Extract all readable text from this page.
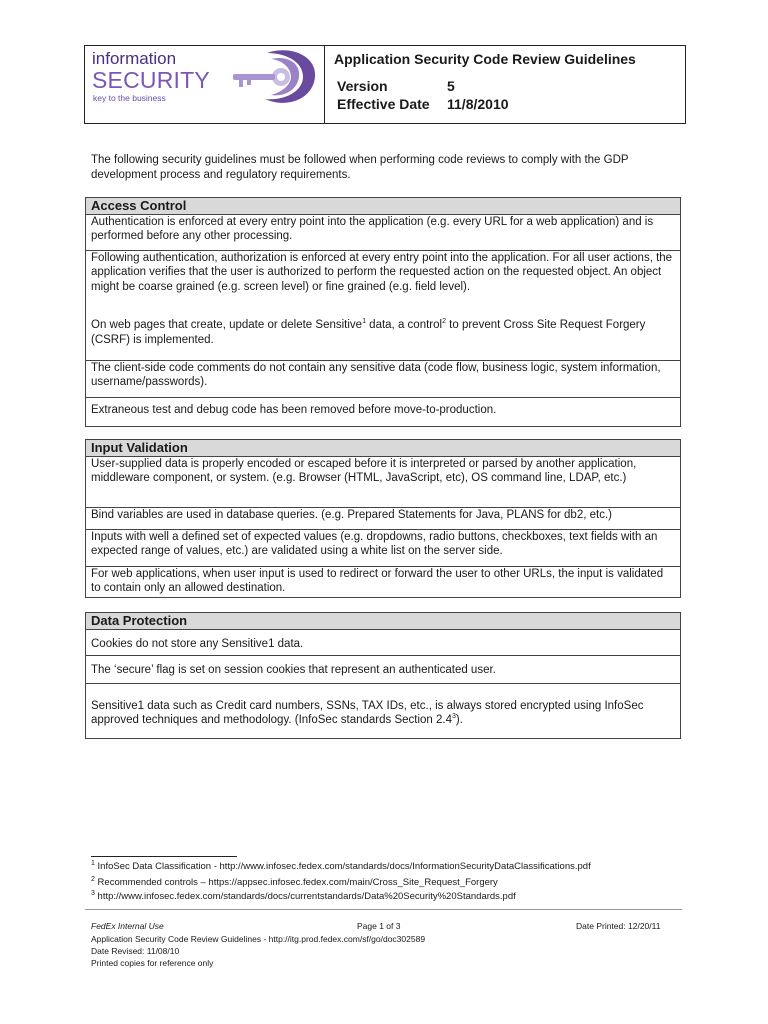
information
SECURITY
key to the business
Application Security Code Review Guidelines
Version	5
Effective Date	11/8/2010
The following security guidelines must be followed when performing code reviews to comply with the GDP development process and regulatory requirements.
Access Control

Authentication is enforced at every entry point into the application (e.g. every URL for a web application) and is performed before any other processing.

Following authentication, authorization is enforced at every entry point into the application. For all user actions, the application verifies that the user is authorized to perform the requested action on the requested object. An object might be coarse grained (e.g. screen level) or fine grained (e.g. field level).

On web pages that create, update or delete Sensitive$^1$ data, a control$^2$ to prevent Cross Site Request Forgery (CSRF) is implemented.

The client-side code comments do not contain any sensitive data (code flow, business logic, system information, username/passwords).

Extraneous test and debug code has been removed before move-to-production.

Input Validation

User-supplied data is properly encoded or escaped before it is interpreted or parsed by another application, middleware component, or system. (e.g. Browser (HTML, JavaScript, etc), OS command line, LDAP, etc.)

Bind variables are used in database queries. (e.g. Prepared Statements for Java, PLANS for db2, etc.)

Inputs with well a defined set of expected values (e.g. dropdowns, radio buttons, checkboxes, text fields with an expected range of values, etc.) are validated using a white list on the server side.

For web applications, when user input is used to redirect or forward the user to other URLs, the input is validated to contain only an allowed destination.

Data Protection

Cookies do not store any Sensitive1 data.

The ‘secure’ flag is set on session cookies that represent an authenticated user.

Sensitive1 data such as Credit card numbers, SSNs, TAX IDs, etc., is always stored encrypted using InfoSec approved techniques and methodology. (InfoSec standards Section $2.4^3$).

$^1$ InfoSec Data Classification - http://www.infosec.fedex.com/standards/docs/InformationSecurityDataClassifications.pdf
$^2$ Recommended controls – https://appsec.infosec.fedex.com/main/Cross_Site_Request_Forgery
$^3$ http://www.infosec.fedex.com/standards/docs/currentstandards/Data%20Security%20Standards.pdf
FedEx Internal Use	Page 1 of 3	Date Printed: 12/20/11
Application Security Code Review Guidelines - http://itg.prod.fedex.com/sf/go/doc302589
Date Revised: 11/08/10
Printed copies for reference only
